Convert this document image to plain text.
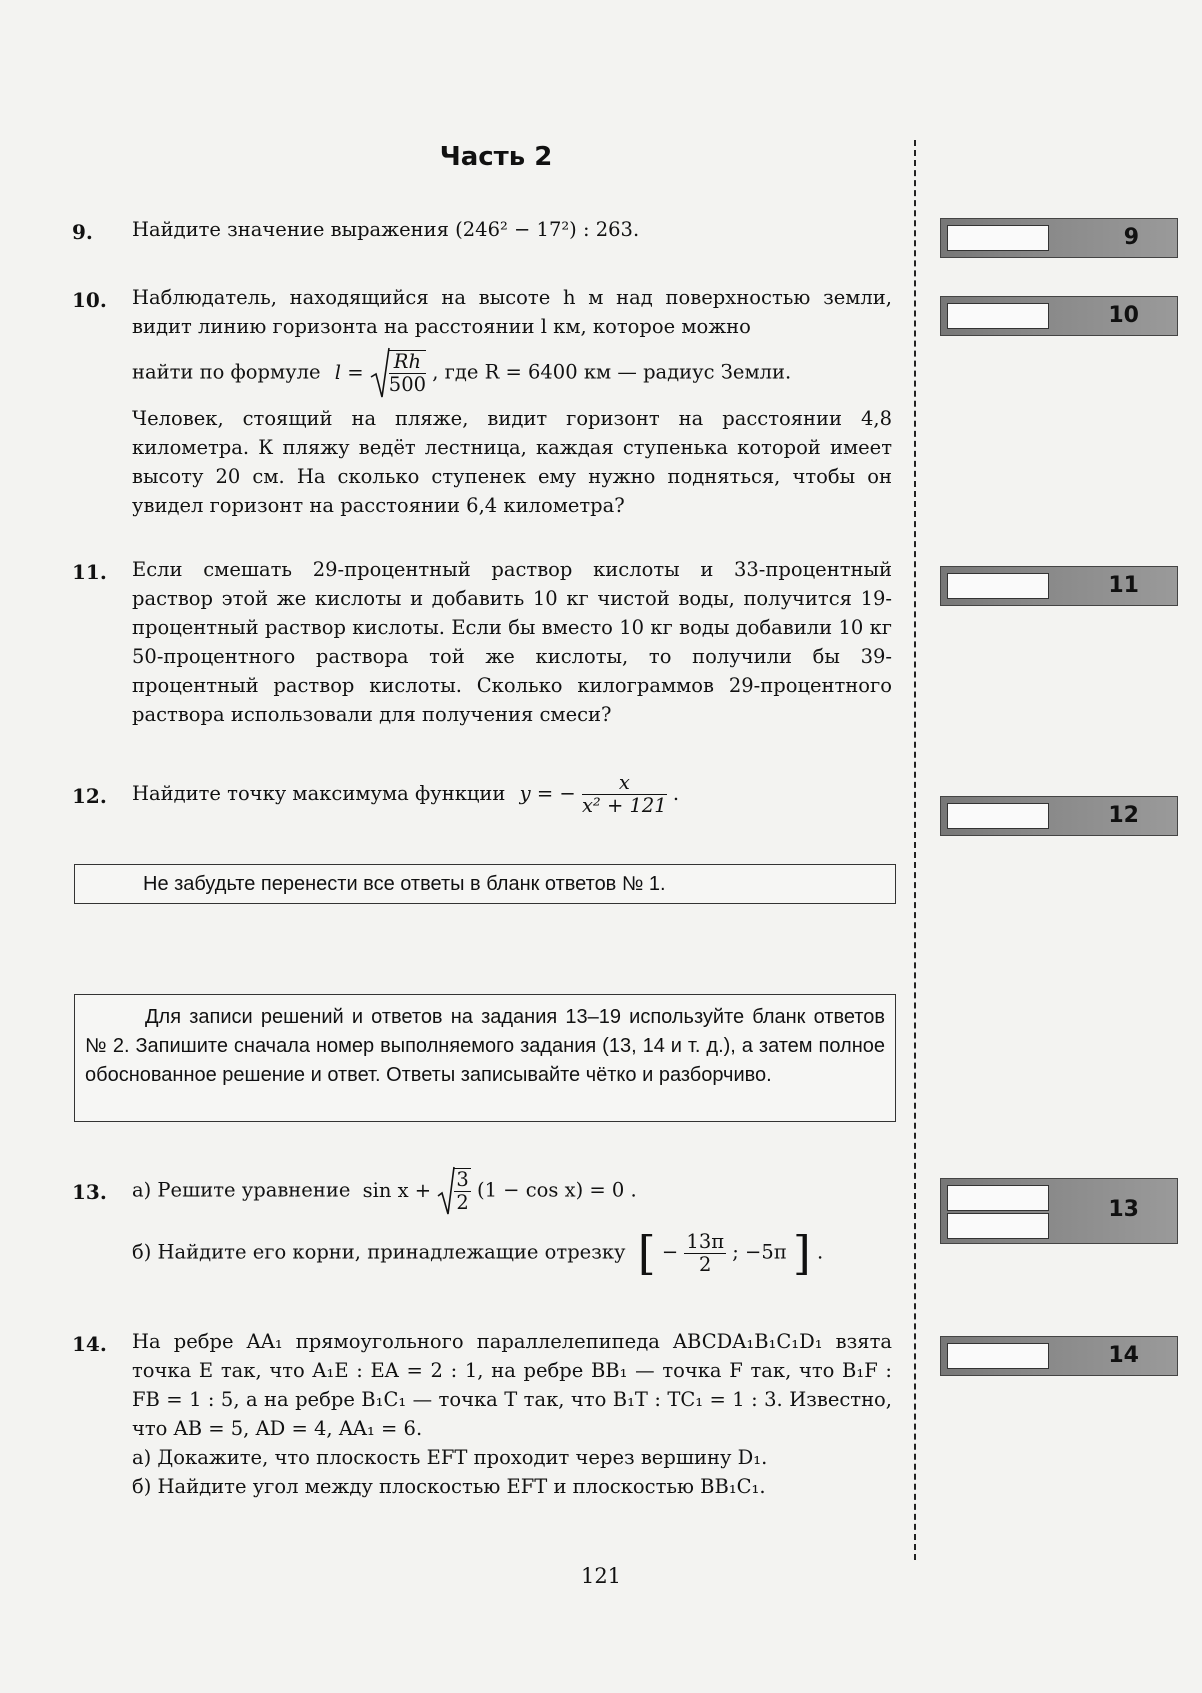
Часть 2
9. Найдите значение выражения (246² − 17²) : 263.	9
10. Наблюдатель, находящийся на высоте h м над поверхностью земли, видит линию горизонта на расстоянии l км, которое можно
найти по формуле $l = \frac{Rh}{500}$ , где R = 6400 км — радиус Земли.
Человек, стоящий на пляже, видит горизонт на расстоянии 4,8 километра. К пляжу ведёт лестница, каждая ступенька которой имеет высоту 20 см. На сколько ступенек ему нужно подняться, чтобы он увидел горизонт на расстоянии 6,4 километра?
10
11. Если смешать 29-процентный раствор кислоты и 33-процентный раствор этой же кислоты и добавить 10 кг чистой воды, получится 19-процентный раствор кислоты. Если бы вместо 10 кг воды добавили 10 кг 50-процентного раствора той же кислоты, то получили бы 39-процентный раствор кислоты. Сколько килограммов 29-процентного раствора использовали для получения смеси?
11
12. Найдите точку максимума функции y = − $\frac{x}{\text{x² + 121}}$ .
12
Не забудьте перенести все ответы в бланк ответов № 1.
Для записи решений и ответов на задания 13–19 используйте бланк ответов № 2. Запишите сначала номер выполняемого задания (13, 14 и т. д.), а затем полное обоснованное решение и ответ. Ответы записывайте чётко и разборчиво.
13. а) Решите уравнение $\sin x + \frac{3}{2} (1 - \cos x) = 0$ .
б) Найдите его корни, принадлежащие отрезку [ − $\frac{13\pi}{2}$ ; −5π ] .
13
14. На ребре AA₁ прямоугольного параллелепипеда ABCDA₁B₁C₁D₁ взята точка E так, что A₁E : EA = 2 : 1, на ребре BB₁ — точка F так, что B₁F : FB = 1 : 5, а на ребре B₁C₁ — точка T так, что B₁T : TC₁ = 1 : 3. Известно, что AB = 5, AD = 4, AA₁ = 6.
а) Докажите, что плоскость EFT проходит через вершину D₁.
б) Найдите угол между плоскостью EFT и плоскостью BB₁C₁.
14
121
